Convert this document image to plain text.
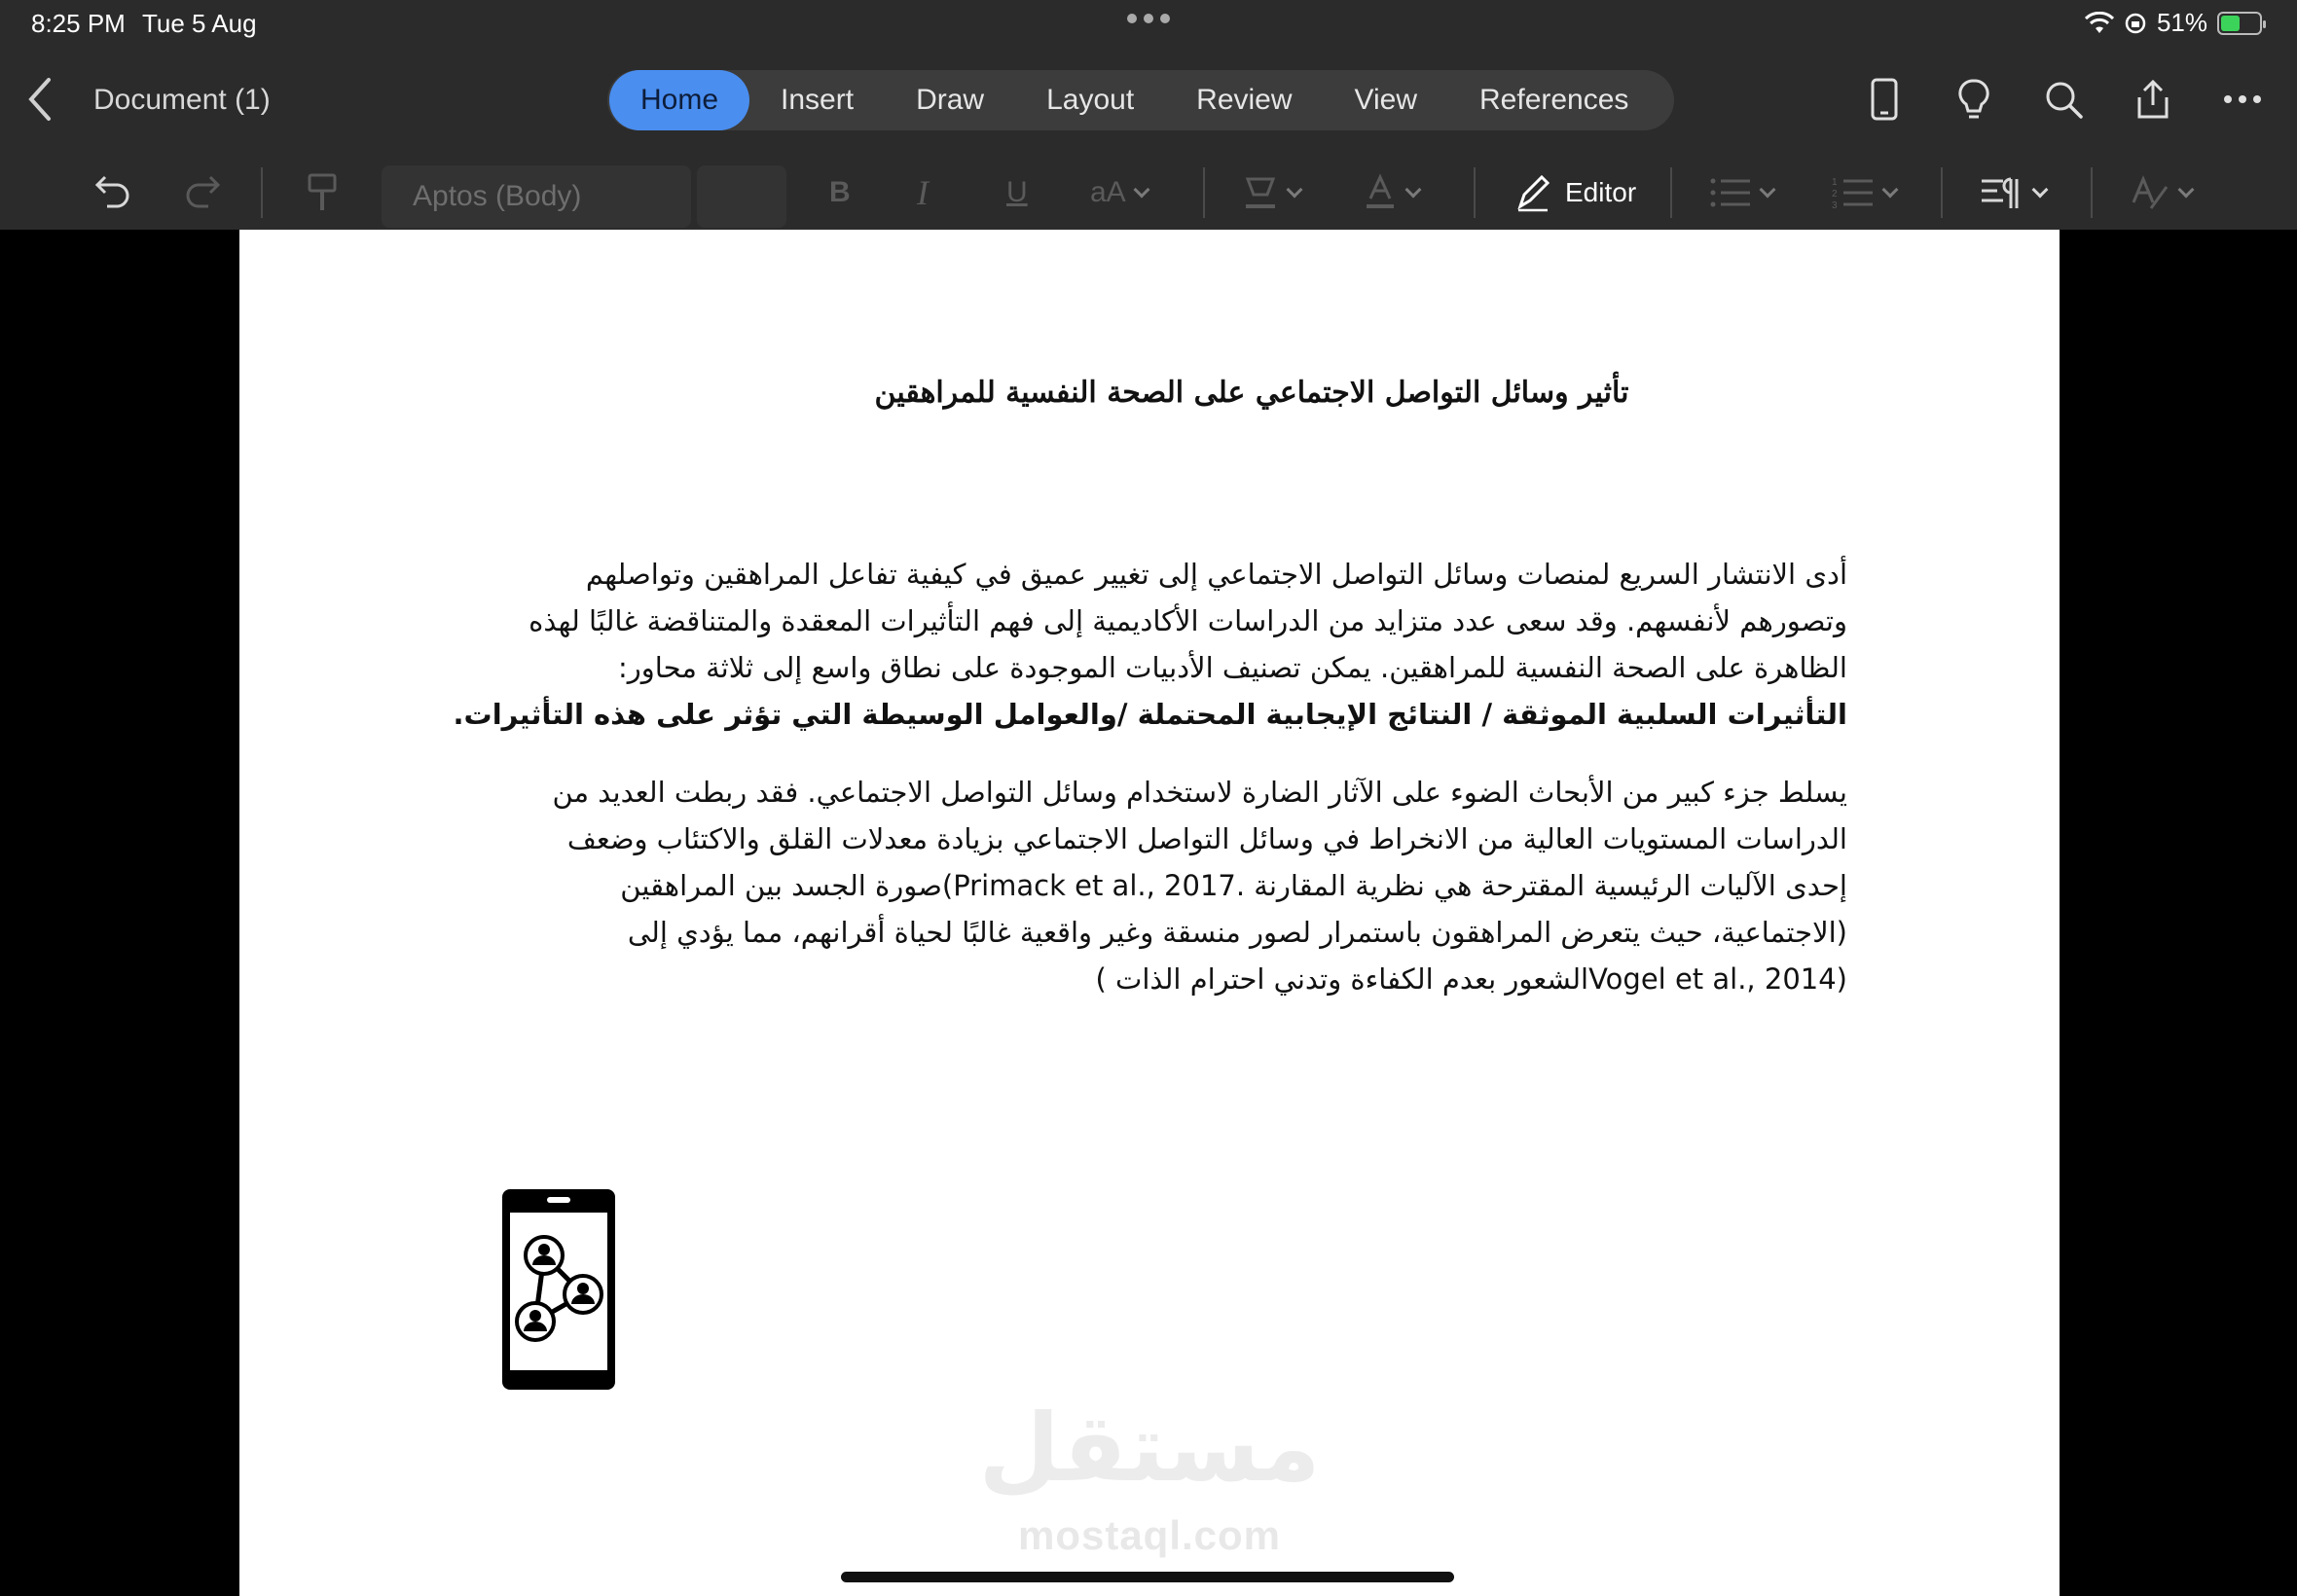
8:25 PM Tue 5 Aug	51%
Document (1)	Home	Insert	Draw	Layout	Review	View	References
Aptos (Body)	B I	U aA	Editor	1
2
3
تأثير وسائل التواصل الاجتماعي على الصحة النفسية للمراهقين
أدى الانتشار السريع لمنصات وسائل التواصل الاجتماعي إلى تغيير عميق في كيفية تفاعل المراهقين وتواصلهم
وتصورهم لأنفسهم. وقد سعى عدد متزايد من الدراسات الأكاديمية إلى فهم التأثيرات المعقدة والمتناقضة غالبًا لهذه
الظاهرة على الصحة النفسية للمراهقين. يمكن تصنيف الأدبيات الموجودة على نطاق واسع إلى ثلاثة محاور:
التأثيرات السلبية الموثقة / النتائج الإيجابية المحتملة /والعوامل الوسيطة التي تؤثر على هذه التأثيرات.
يسلط جزء كبير من الأبحاث الضوء على الآثار الضارة لاستخدام وسائل التواصل الاجتماعي. فقد ربطت العديد من
الدراسات المستويات العالية من الانخراط في وسائل التواصل الاجتماعي بزيادة معدلات القلق والاكتئاب وضعف
إحدى الآليات الرئيسية المقترحة هي نظرية المقارنة .Primack et al., 2017)صورة الجسد بين المراهقين
(الاجتماعية، حيث يتعرض المراهقون باستمرار لصور منسقة وغير واقعية غالبًا لحياة أقرانهم، مما يؤدي إلى
(Vogel et al., 2014الشعور بعدم الكفاءة وتدني احترام الذات )
مستقل
mostaql.com
